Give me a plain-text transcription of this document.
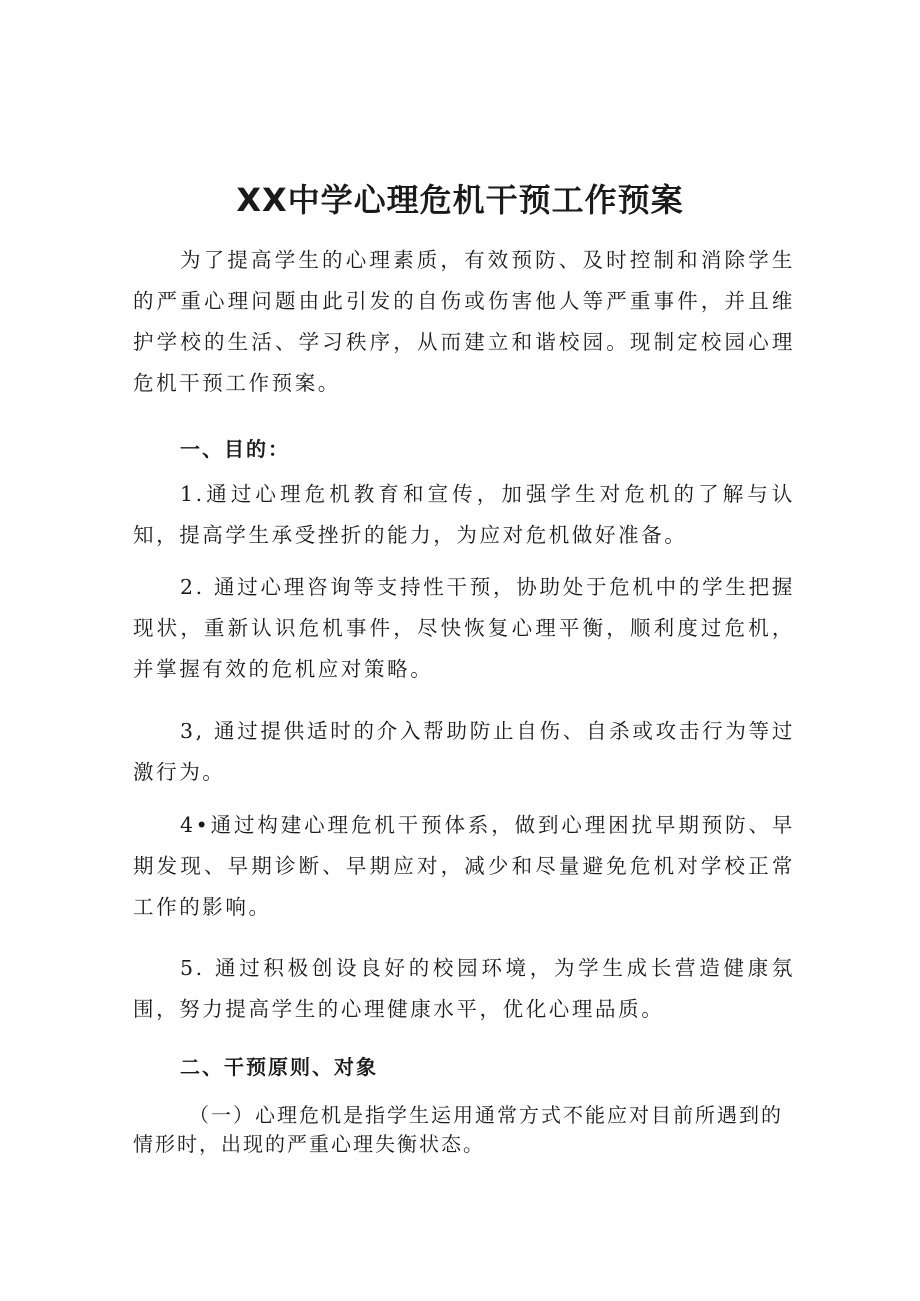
XX中学心理危机干预工作预案

为了提高学生的心理素质，有效预防、及时控制和消除学生的严重心理问题由此引发的自伤或伤害他人等严重事件，并且维护学校的生活、学习秩序，从而建立和谐校园。现制定校园心理危机干预工作预案。

一、目的：

1.通过心理危机教育和宣传，加强学生对危机的了解与认知，提高学生承受挫折的能力，为应对危机做好准备。

2. 通过心理咨询等支持性干预，协助处于危机中的学生把握现状，重新认识危机事件，尽快恢复心理平衡，顺利度过危机，并掌握有效的危机应对策略。

3, 通过提供适时的介入帮助防止自伤、自杀或攻击行为等过激行为。

4•通过构建心理危机干预体系，做到心理困扰早期预防、早期发现、早期诊断、早期应对，减少和尽量避免危机对学校正常工作的影响。

5. 通过积极创设良好的校园环境，为学生成长营造健康氛围，努力提高学生的心理健康水平，优化心理品质。

二、干预原则、对象

（一）心理危机是指学生运用通常方式不能应对目前所遇到的情形时，出现的严重心理失衡状态。
